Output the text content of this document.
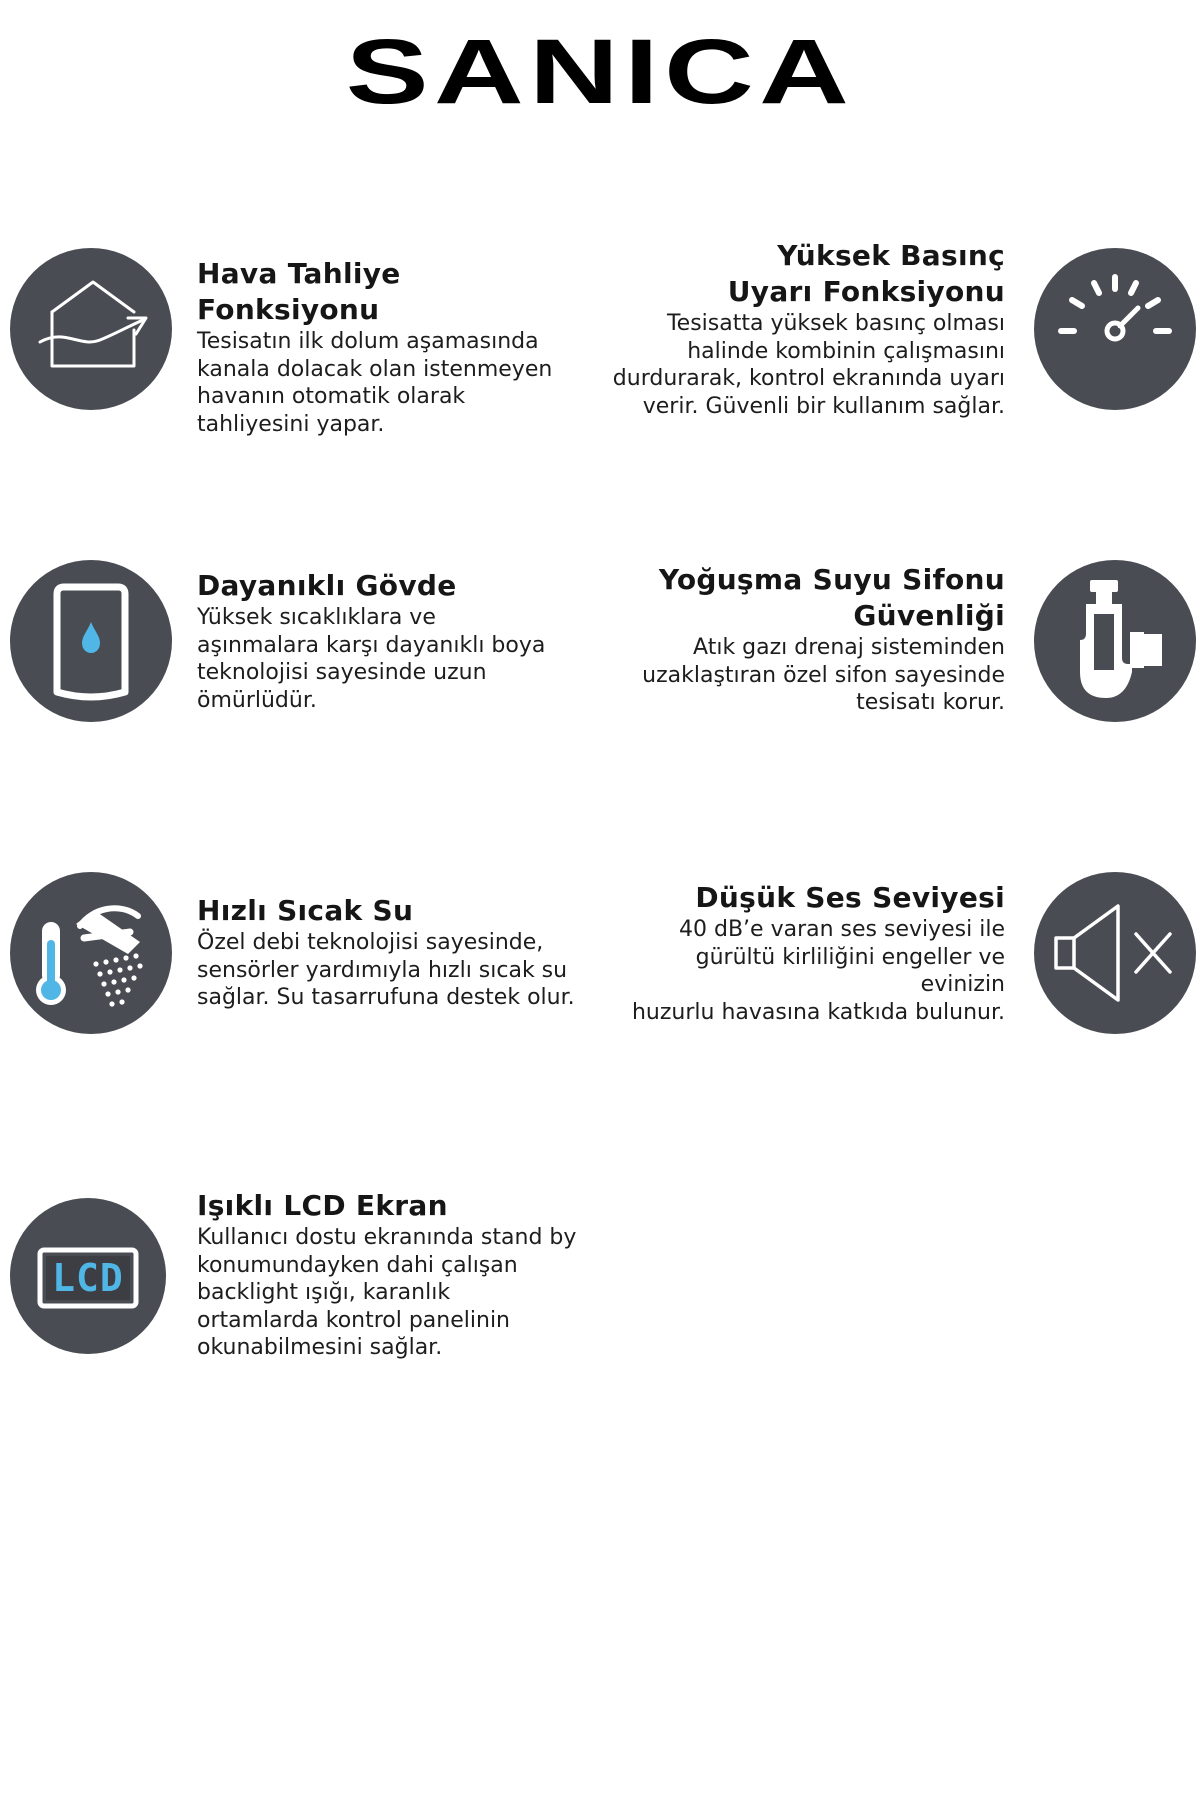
SANICA
Hava Tahliye Fonksiyonu
Tesisatın ilk dolum aşamasında
kanala dolacak olan istenmeyen
havanın otomatik olarak
tahliyesini yapar.
Yüksek Basınç
Uyarı Fonksiyonu
Tesisatta yüksek basınç olması
halinde kombinin çalışmasını
durdurarak, kontrol ekranında uyarı
verir. Güvenli bir kullanım sağlar.
Dayanıklı Gövde
Yüksek sıcaklıklara ve
aşınmalara karşı dayanıklı boya
teknolojisi sayesinde uzun
ömürlüdür.
Yoğuşma Suyu Sifonu
Güvenliği
Atık gazı drenaj sisteminden
uzaklaştıran özel sifon sayesinde
tesisatı korur.
Hızlı Sıcak Su
Özel debi teknolojisi sayesinde,
sensörler yardımıyla hızlı sıcak su
sağlar. Su tasarrufuna destek olur.
Düşük Ses Seviyesi
40 dB’e varan ses seviyesi ile
gürültü kirliliğini engeller ve evinizin
huzurlu havasına katkıda bulunur.
LCD
Işıklı LCD Ekran
Kullanıcı dostu ekranında stand by
konumundayken dahi çalışan
backlight ışığı, karanlık
ortamlarda kontrol panelinin
okunabilmesini sağlar.
